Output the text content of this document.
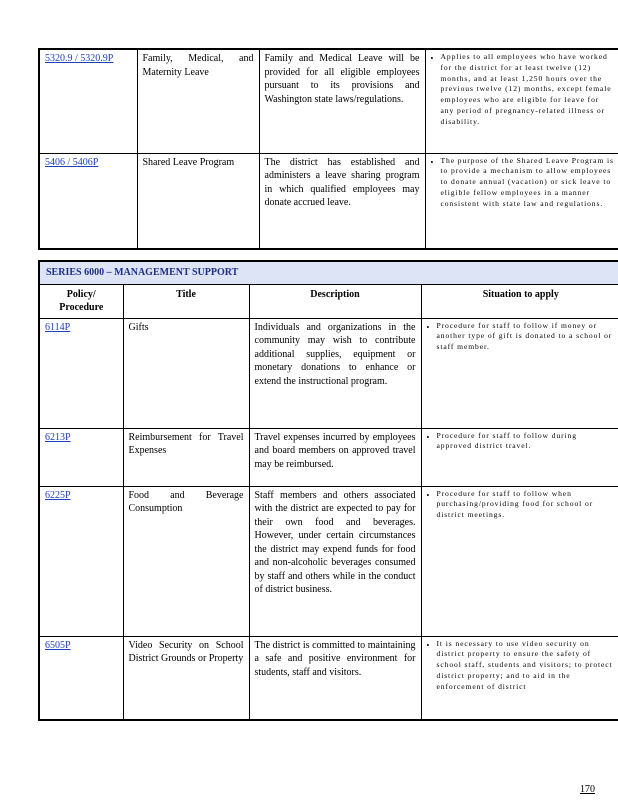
5320.9 / 5320.9P	Family, Medical, and Maternity Leave	Family and Medical Leave will be provided for all eligible employees pursuant to its provisions and Washington state laws/regulations.	• Applies to all employees who have worked for the district for at least twelve (12) months, and at least 1,250 hours over the previous twelve (12) months, except female employees who are eligible for leave for any period of pregnancy-related illness or disability.

5406 / 5406P	Shared Leave Program	The district has established and administers a leave sharing program in which qualified employees may donate accrued leave.	• The purpose of the Shared Leave Program is to provide a mechanism to allow employees to donate annual (vacation) or sick leave to eligible fellow employees in a manner consistent with state law and regulations.
SERIES 6000 – MANAGEMENT SUPPORT			
Policy/ Procedure	Title	Description	Situation to apply
6114P	Gifts	Individuals and organizations in the community may wish to contribute additional supplies, equipment or monetary donations to enhance or extend the instructional program.	• Procedure for staff to follow if money or another type of gift is donated to a school or staff member.

6213P	Reimbursement for Travel Expenses	Travel expenses incurred by employees and board members on approved travel may be reimbursed.	• Procedure for staff to follow during approved district travel.

6225P	Food and Beverage Consumption	Staff members and others associated with the district are expected to pay for their own food and beverages. However, under certain circumstances the district may expend funds for food and non-alcoholic beverages consumed by staff and others while in the conduct of district business.	• Procedure for staff to follow when purchasing/providing food for school or district meetings.

6505P	Video Security on School District Grounds or Property	The district is committed to maintaining a safe and positive environment for students, staff and visitors.	• It is necessary to use video security on district property to ensure the safety of school staff, students and visitors; to protect district property; and to aid in the enforcement of district
170
